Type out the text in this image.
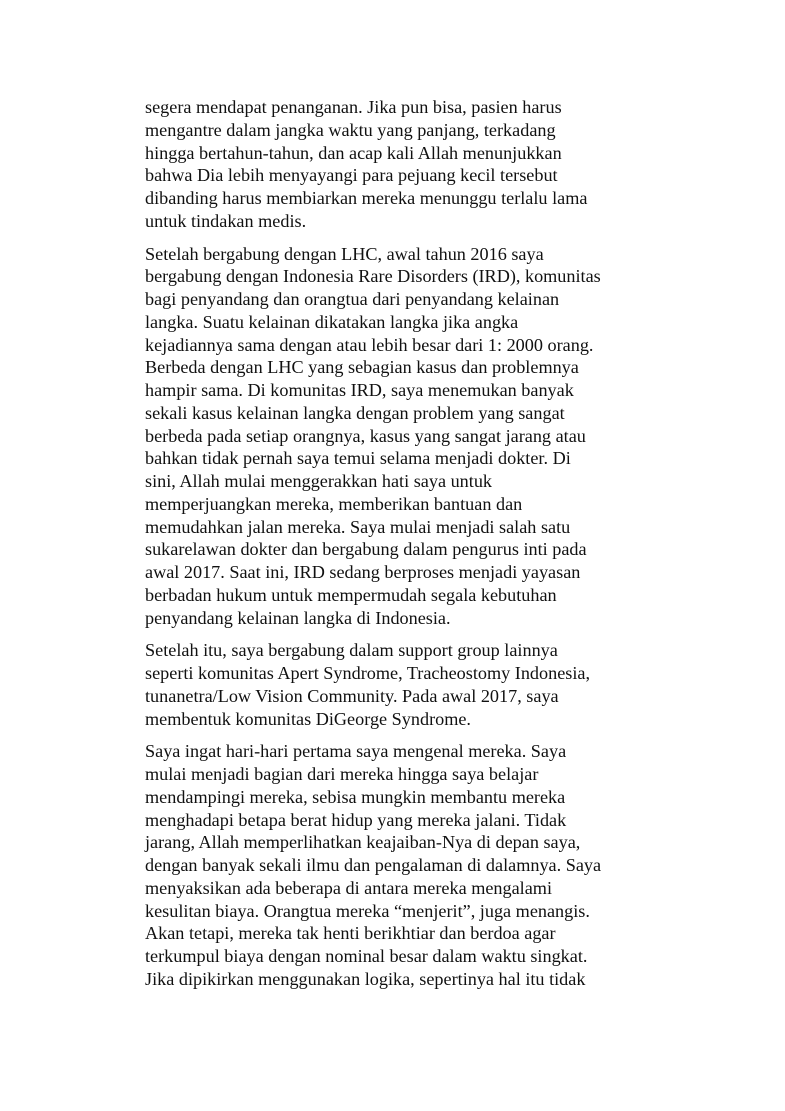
segera mendapat penanganan. Jika pun bisa, pasien harus
mengantre dalam jangka waktu yang panjang, terkadang
hingga bertahun-tahun, dan acap kali Allah menunjukkan
bahwa Dia lebih menyayangi para pejuang kecil tersebut
dibanding harus membiarkan mereka menunggu terlalu lama
untuk tindakan medis.

Setelah bergabung dengan LHC, awal tahun 2016 saya
bergabung dengan Indonesia Rare Disorders (IRD), komunitas
bagi penyandang dan orangtua dari penyandang kelainan
langka. Suatu kelainan dikatakan langka jika angka
kejadiannya sama dengan atau lebih besar dari 1: 2000 orang.
Berbeda dengan LHC yang sebagian kasus dan problemnya
hampir sama. Di komunitas IRD, saya menemukan banyak
sekali kasus kelainan langka dengan problem yang sangat
berbeda pada setiap orangnya, kasus yang sangat jarang atau
bahkan tidak pernah saya temui selama menjadi dokter. Di
sini, Allah mulai menggerakkan hati saya untuk
memperjuangkan mereka, memberikan bantuan dan
memudahkan jalan mereka. Saya mulai menjadi salah satu
sukarelawan dokter dan bergabung dalam pengurus inti pada
awal 2017. Saat ini, IRD sedang berproses menjadi yayasan
berbadan hukum untuk mempermudah segala kebutuhan
penyandang kelainan langka di Indonesia.

Setelah itu, saya bergabung dalam support group lainnya
seperti komunitas Apert Syndrome, Tracheostomy Indonesia,
tunanetra/Low Vision Community. Pada awal 2017, saya
membentuk komunitas DiGeorge Syndrome.

Saya ingat hari-hari pertama saya mengenal mereka. Saya
mulai menjadi bagian dari mereka hingga saya belajar
mendampingi mereka, sebisa mungkin membantu mereka
menghadapi betapa berat hidup yang mereka jalani. Tidak
jarang, Allah memperlihatkan keajaiban-Nya di depan saya,
dengan banyak sekali ilmu dan pengalaman di dalamnya. Saya
menyaksikan ada beberapa di antara mereka mengalami
kesulitan biaya. Orangtua mereka “menjerit”, juga menangis.
Akan tetapi, mereka tak henti berikhtiar dan berdoa agar
terkumpul biaya dengan nominal besar dalam waktu singkat.
Jika dipikirkan menggunakan logika, sepertinya hal itu tidak
